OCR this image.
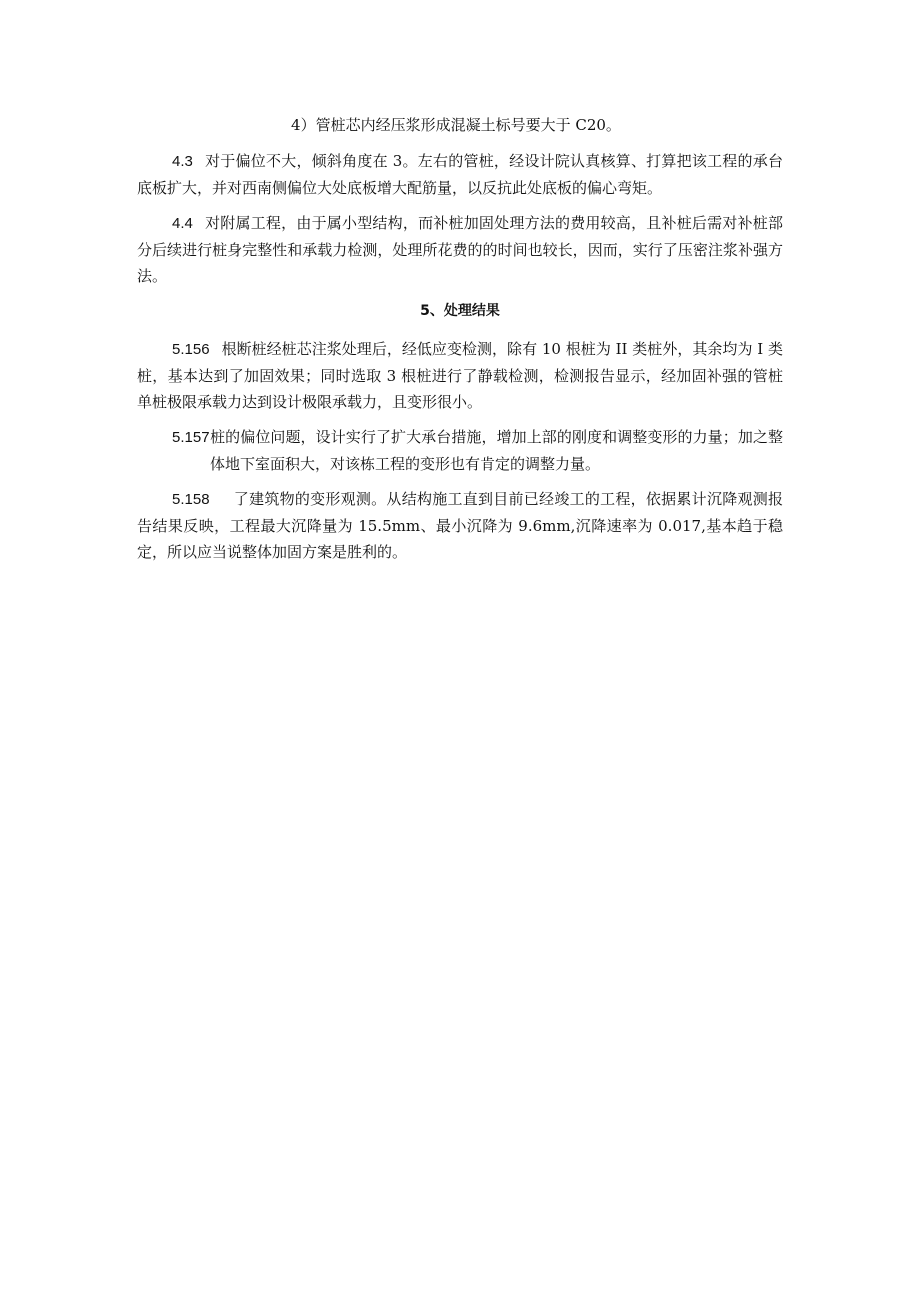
4）管桩芯内经压浆形成混凝土标号要大于 C20。

4.3 对于偏位不大，倾斜角度在 3。左右的管桩，经设计院认真核算、打算把该工程的承台底板扩大，并对西南侧偏位大处底板增大配筋量，以反抗此处底板的偏心弯矩。

4.4 对附属工程，由于属小型结构，而补桩加固处理方法的费用较高，且补桩后需对补桩部分后续进行桩身完整性和承载力检测，处理所花费的的时间也较长，因而，实行了压密注浆补强方法。

5、处理结果

5.156 根断桩经桩芯注浆处理后，经低应变检测，除有 10 根桩为 II 类桩外，其余均为 I 类桩，基本达到了加固效果；同时选取 3 根桩进行了静载检测，检测报告显示，经加固补强的管桩单桩极限承载力达到设计极限承载力，且变形很小。

5.157桩的偏位问题，设计实行了扩大承台措施，增加上部的刚度和调整变形的力量；加之整体地下室面积大，对该栋工程的变形也有肯定的调整力量。

5.158 了建筑物的变形观测。从结构施工直到目前已经竣工的工程，依据累计沉降观测报告结果反映，工程最大沉降量为 15.5mm、最小沉降为 9.6mm,沉降速率为 0.017,基本趋于稳定，所以应当说整体加固方案是胜利的。
